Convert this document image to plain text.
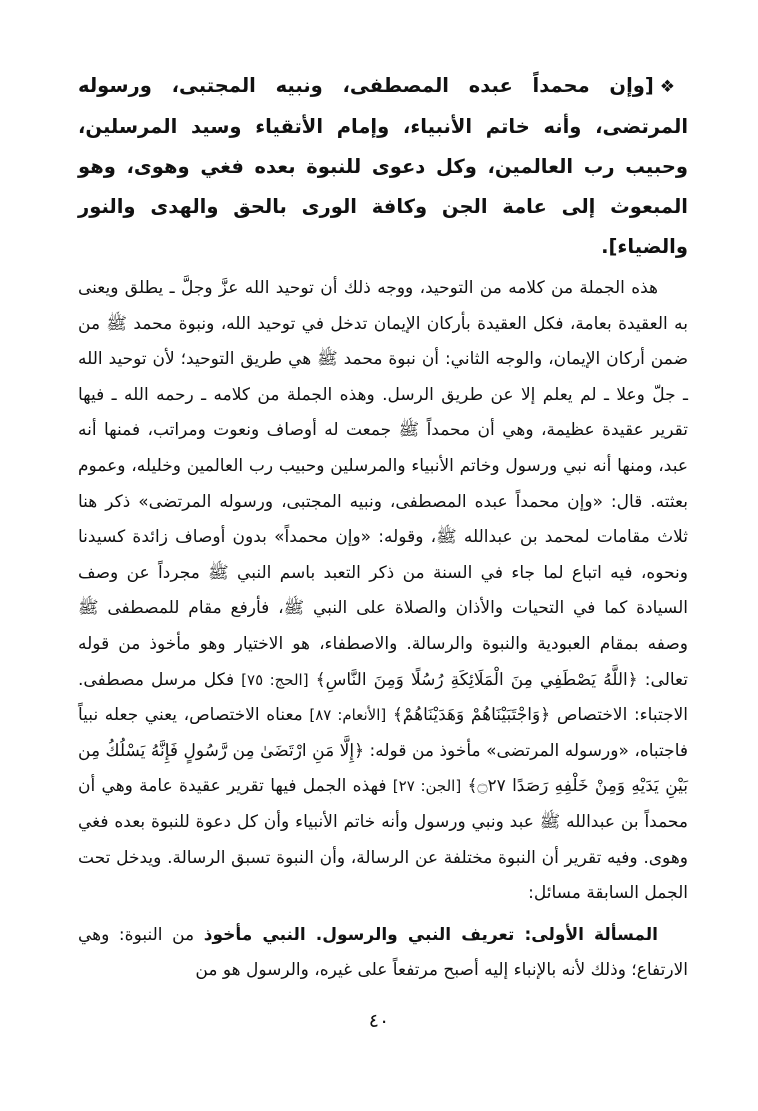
❖[وإن محمداً عبده المصطفى، ونبيه المجتبى، ورسوله المرتضى، وأنه خاتم الأنبياء، وإمام الأتقياء وسيد المرسلين، وحبيب رب العالمين، وكل دعوى للنبوة بعده فغي وهوى، وهو المبعوث إلى عامة الجن وكافة الورى بالحق والهدى والنور والضياء].

هذه الجملة من كلامه من التوحيد، ووجه ذلك أن توحيد الله عزَّ وجلَّ ـ يطلق ويعنى به العقيدة بعامة، فكل العقيدة بأركان الإيمان تدخل في توحيد الله، ونبوة محمد ﷺ من ضمن أركان الإيمان، والوجه الثاني: أن نبوة محمد ﷺ هي طريق التوحيد؛ لأن توحيد الله ـ جلّ وعلا ـ لم يعلم إلا عن طريق الرسل. وهذه الجملة من كلامه ـ رحمه الله ـ فيها تقرير عقيدة عظيمة، وهي أن محمداً ﷺ جمعت له أوصاف ونعوت ومراتب، فمنها أنه عبد، ومنها أنه نبي ورسول وخاتم الأنبياء والمرسلين وحبيب رب العالمين وخليله، وعموم بعثته. قال: «وإن محمداً عبده المصطفى، ونبيه المجتبى، ورسوله المرتضى» ذكر هنا ثلاث مقامات لمحمد بن عبدالله ﷺ، وقوله: «وإن محمداً» بدون أوصاف زائدة كسيدنا ونحوه، فيه اتباع لما جاء في السنة من ذكر التعبد باسم النبي ﷺ مجرداً عن وصف السيادة كما في التحيات والأذان والصلاة على النبي ﷺ، فأرفع مقام للمصطفى ﷺ وصفه بمقام العبودية والنبوة والرسالة. والاصطفاء، هو الاختيار وهو مأخوذ من قوله تعالى: ﴿اللَّهُ يَصْطَفِي مِنَ الْمَلَائِكَةِ رُسُلًا وَمِنَ النَّاسِ﴾ [الحج: ٧٥] فكل مرسل مصطفى. الاجتباء: الاختصاص ﴿وَاجْتَبَيْنَاهُمْ وَهَدَيْنَاهُمْ﴾ [الأنعام: ٨٧] معناه الاختصاص، يعني جعله نبياً فاجتباه، «ورسوله المرتضى» مأخوذ من قوله: ﴿إِلَّا مَنِ ارْتَضَىٰ مِن رَّسُولٍ فَإِنَّهُ يَسْلُكُ مِن بَيْنِ يَدَيْهِ وَمِنْ خَلْفِهِ رَصَدًا ۝٢٧﴾ [الجن: ٢٧] فهذه الجمل فيها تقرير عقيدة عامة وهي أن محمداً بن عبدالله ﷺ عبد ونبي ورسول وأنه خاتم الأنبياء وأن كل دعوة للنبوة بعده فغي وهوى. وفيه تقرير أن النبوة مختلفة عن الرسالة، وأن النبوة تسبق الرسالة. ويدخل تحت الجمل السابقة مسائل:

المسألة الأولى: تعريف النبي والرسول. النبي مأخوذ من النبوة: وهي الارتفاع؛ وذلك لأنه بالإنباء إليه أصبح مرتفعاً على غيره، والرسول هو من

٤٠
